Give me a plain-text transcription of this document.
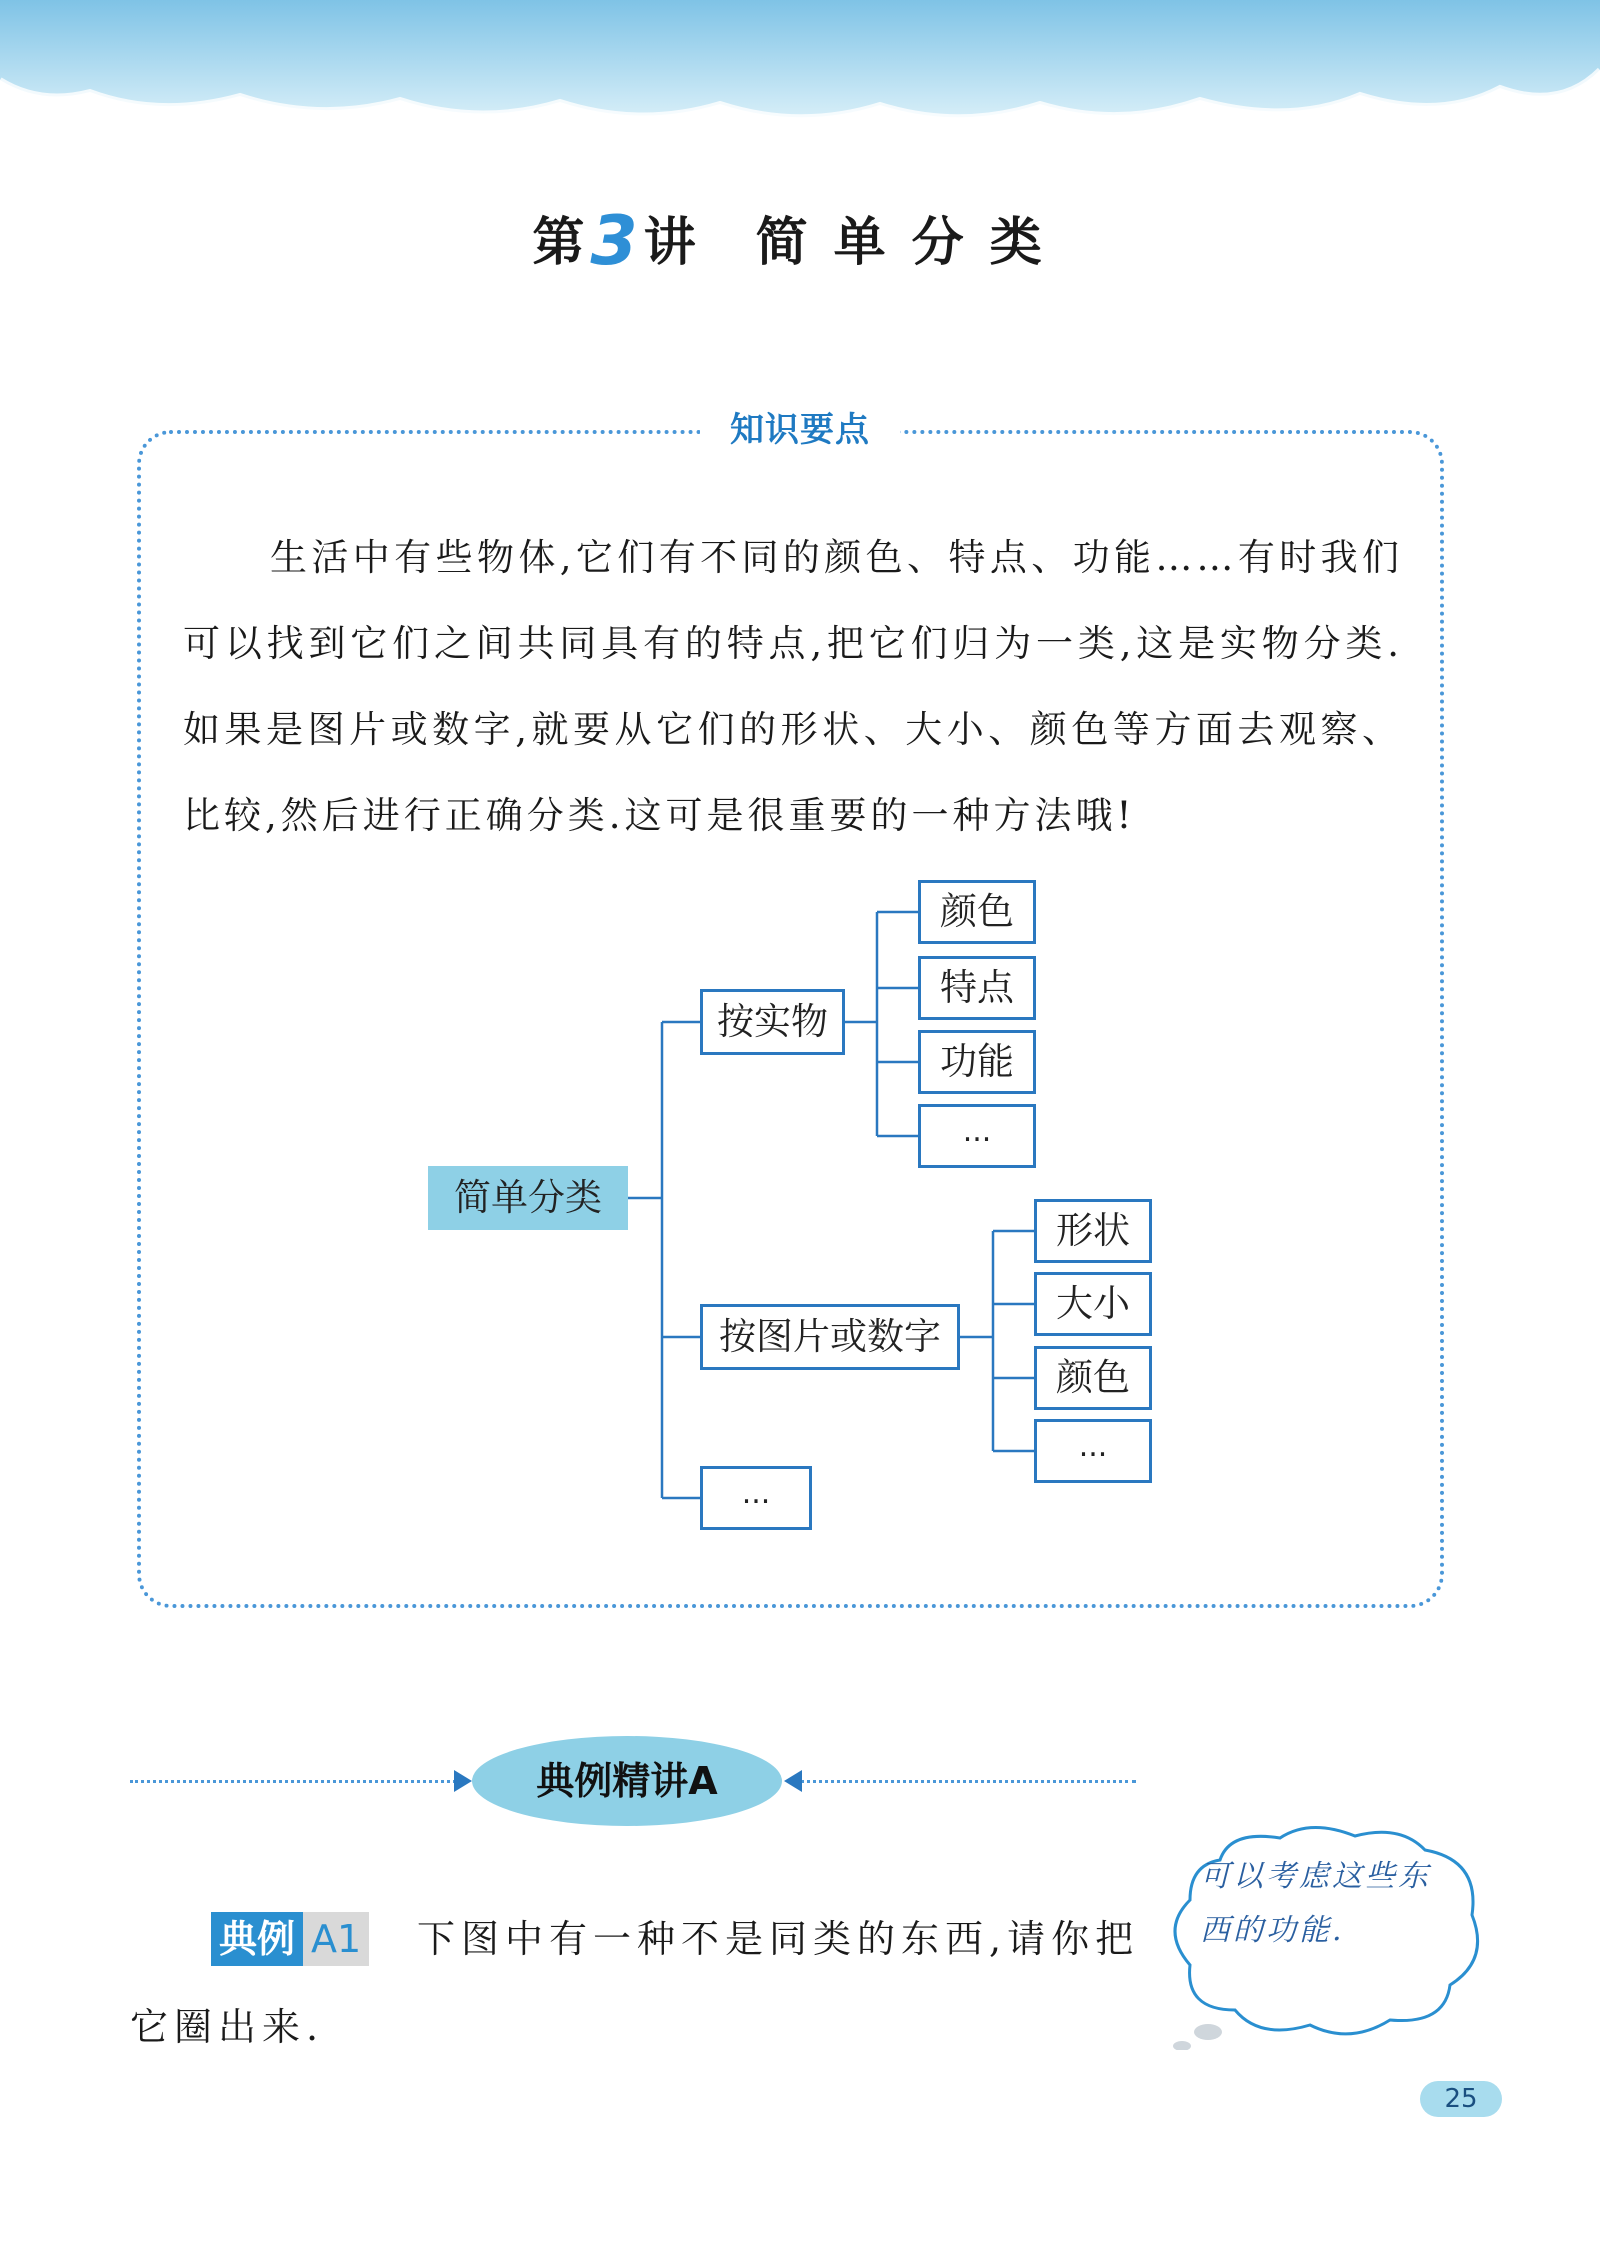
第3讲 简单分类
知识要点

生活中有些物体,它们有不同的颜色、特点、功能……有时我们可以找到它们之间共同具有的特点,把它们归为一类,这是实物分类.如果是图片或数字,就要从它们的形状、大小、颜色等方面去观察、比较,然后进行正确分类.这可是很重要的一种方法哦!

简单分类
按实物
颜色
特点
功能
...
按图片或数字
形状
大小
颜色
...
...
典例精讲A
典例 A1 下图中有一种不是同类的东西,请你把
它圈出来.
可以考虑这些东西的功能.
25
